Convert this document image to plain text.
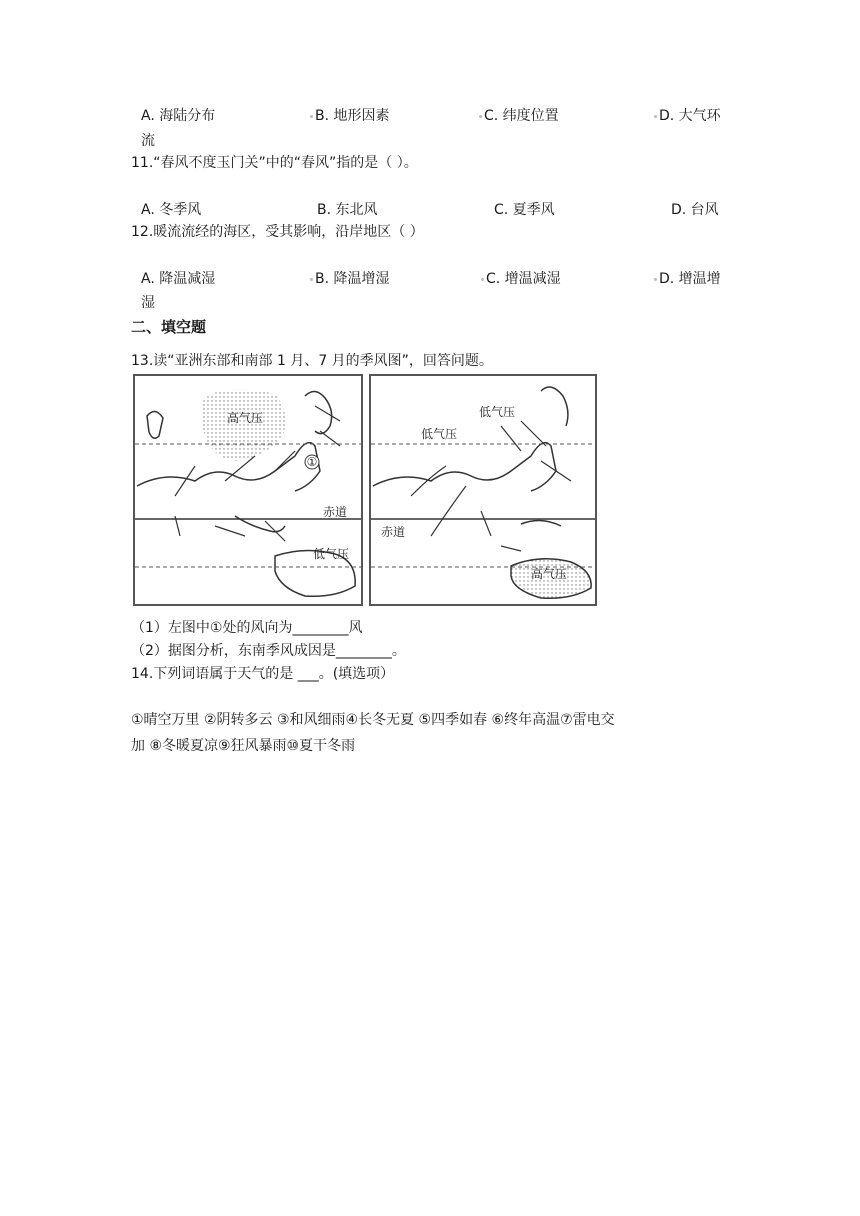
A. 海陆分布	B. 地形因素	C. 纬度位置	D. 大气环
流
11.“春风不度玉门关”中的“春风”指的是（ ）。
A. 冬季风	B. 东北风	C. 夏季风	D. 台风
12.暖流流经的海区，受其影响，沿岸地区（ ）
A. 降温减湿	B. 降温增湿	C. 增温减湿	D. 增温增
湿
二、填空题
13.读“亚洲东部和南部 1 月、7 月的季风图”，回答问题。
①
高气压
赤道
低气压
低气压
低气压
赤道
高气压
（1）左图中①处的风向为________风
（2）据图分析，东南季风成因是________。
14.下列词语属于天气的是 ___。(填选项）
①晴空万里 ②阴转多云 ③和风细雨④长冬无夏 ⑤四季如春 ⑥终年高温⑦雷电交
加 ⑧冬暖夏凉⑨狂风暴雨⑩夏干冬雨
